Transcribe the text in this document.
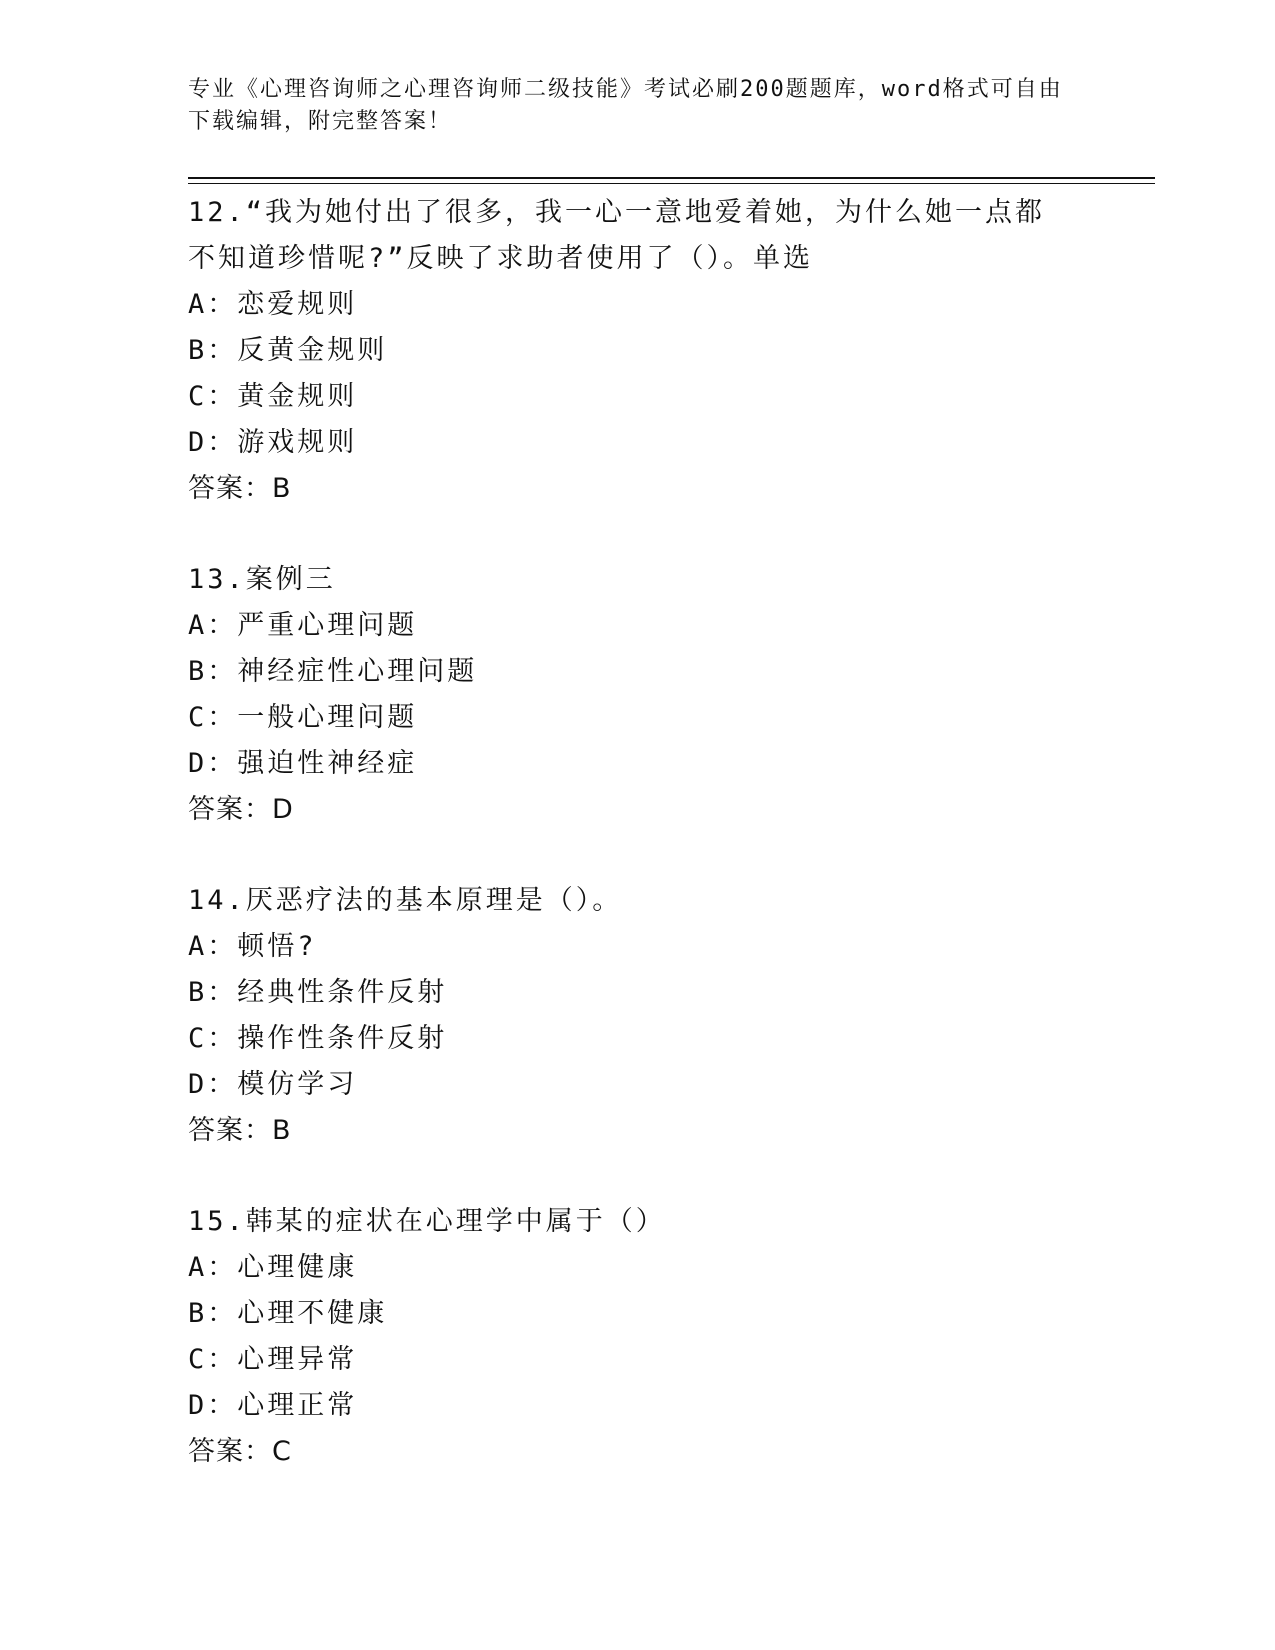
专业《心理咨询师之心理咨询师二级技能》考试必刷200题题库，word格式可自由下载编辑，附完整答案！
12.“我为她付出了很多，我一心一意地爱着她，为什么她一点都不知道珍惜呢?”反映了求助者使用了（）。单选
A：恋爱规则
B：反黄金规则
C：黄金规则
D：游戏规则
答案：B
13.案例三
A：严重心理问题
B：神经症性心理问题
C：一般心理问题
D：强迫性神经症
答案：D
14.厌恶疗法的基本原理是（）。
A：顿悟?
B：经典性条件反射
C：操作性条件反射
D：模仿学习
答案：B
15.韩某的症状在心理学中属于（）
A：心理健康
B：心理不健康
C：心理异常
D：心理正常
答案：C
